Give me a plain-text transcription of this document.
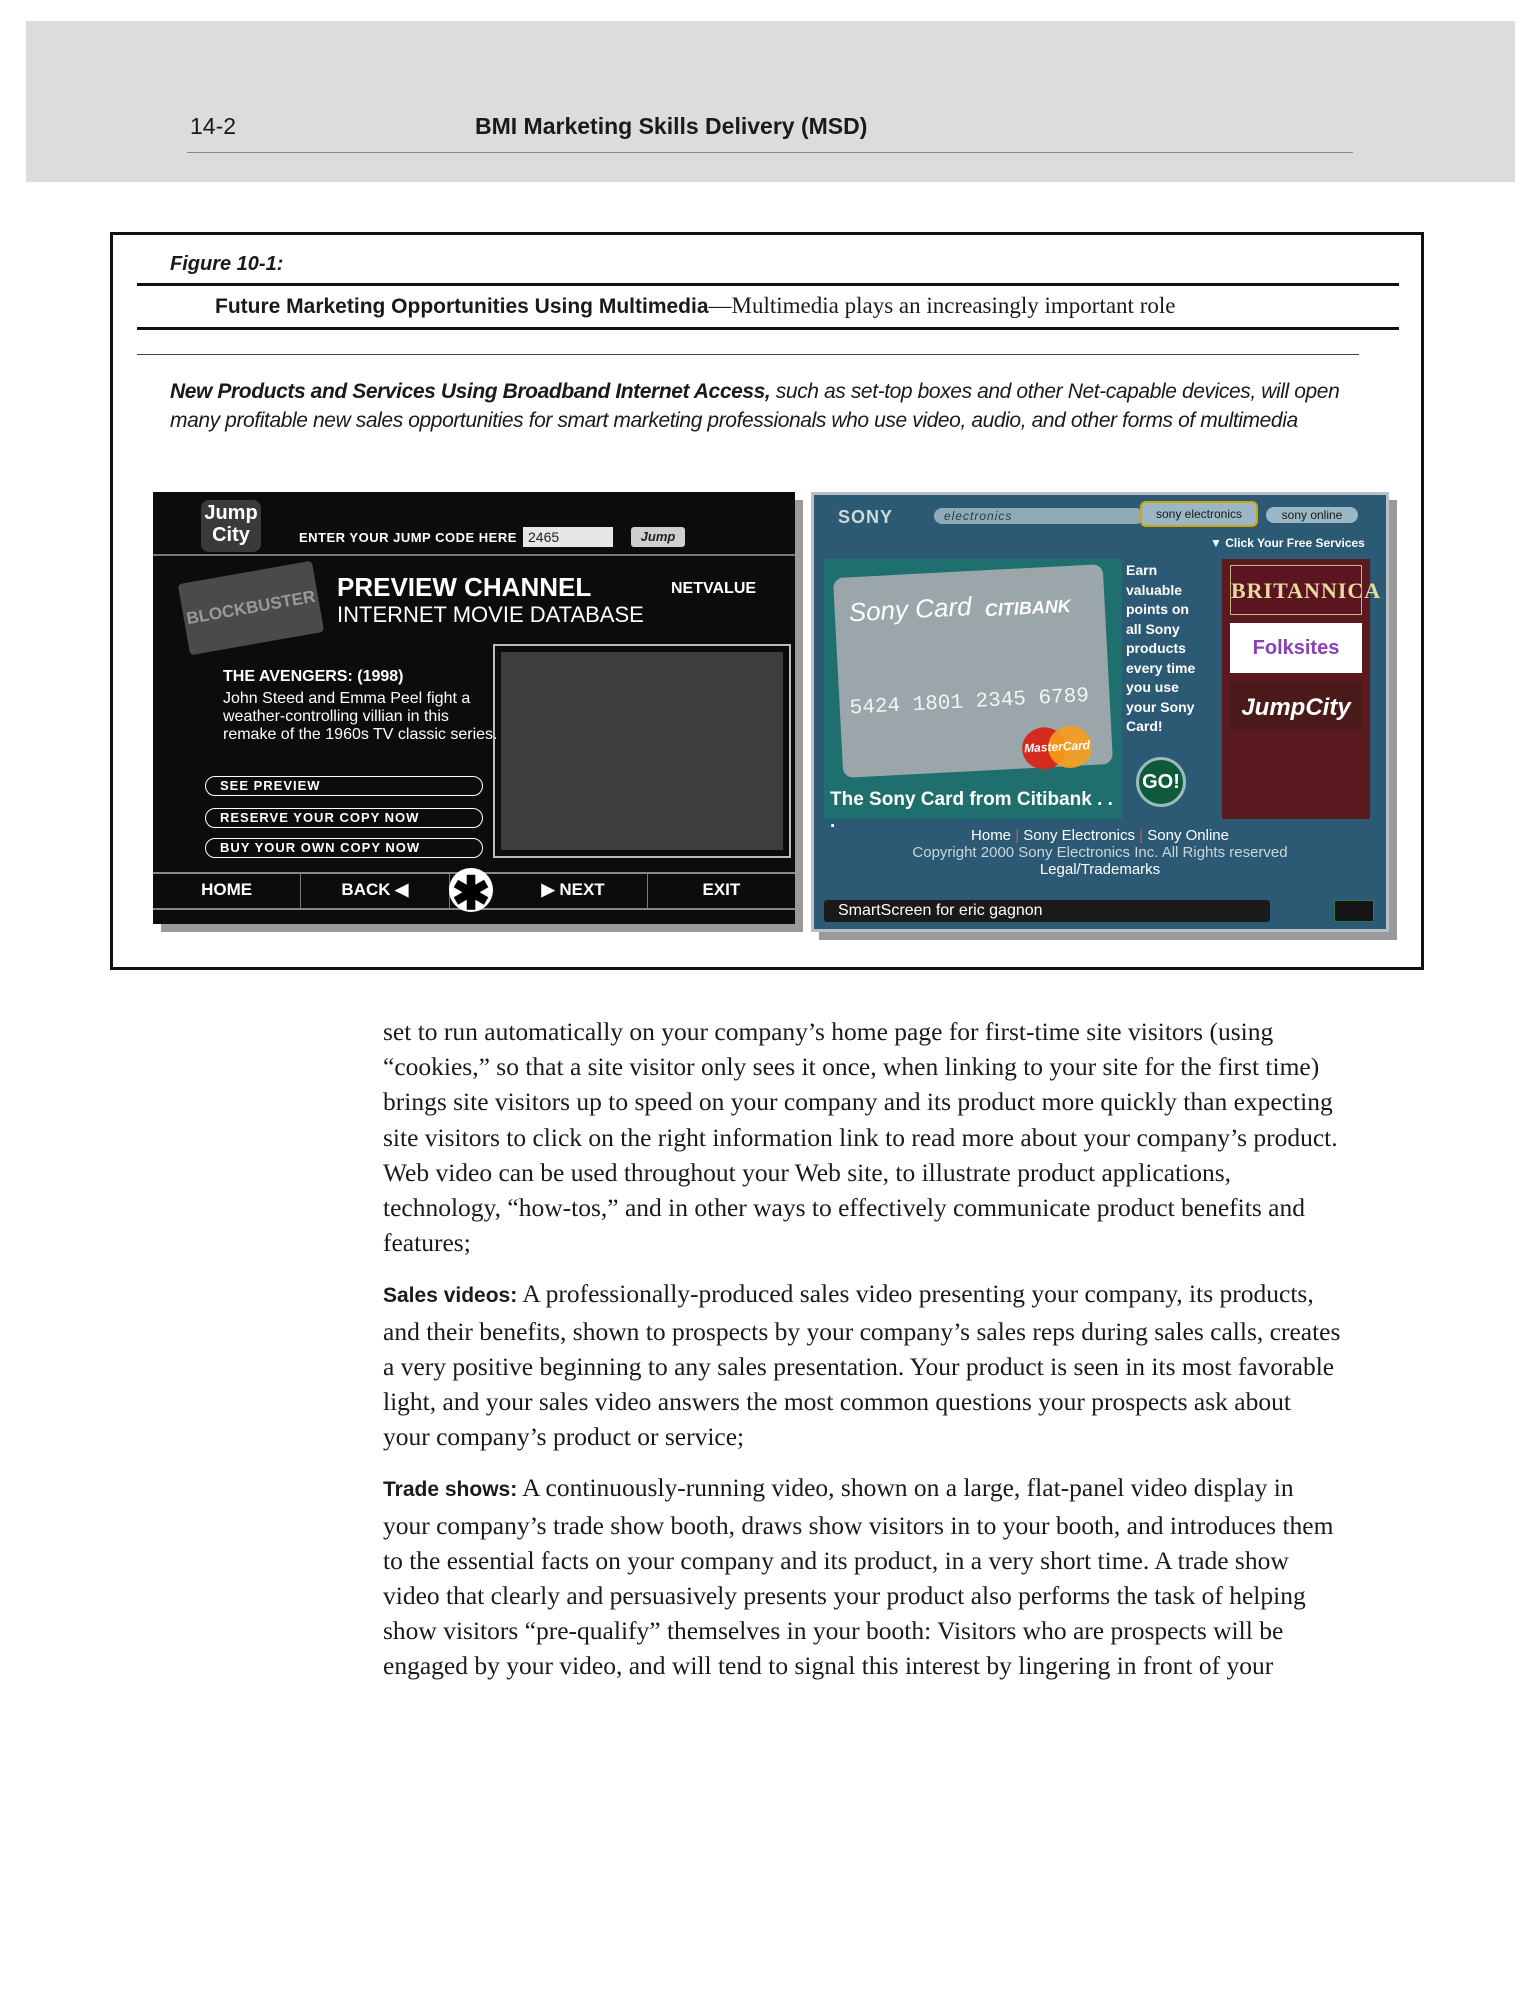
14-2	BMI Marketing Skills Delivery (MSD)
Figure 10-1:
Future Marketing Opportunities Using Multimedia—Multimedia plays an increasingly important role
New Products and Services Using Broadband Internet Access, such as set-top boxes and other Net-capable devices, will open many profitable new sales opportunities for smart marketing professionals who use video, audio, and other forms of multimedia
Jump City	ENTER YOUR JUMP CODE HERE 2465	Jump
BLOCKBUSTER PREVIEW CHANNEL
INTERNET MOVIE DATABASE
NETVALUE
THE AVENGERS: (1998)
John Steed and Emma Peel fight a weather-controlling villian in this remake of the 1960s TV classic series.
SEE PREVIEW
RESERVE YOUR COPY NOW
BUY YOUR OWN COPY NOW
HOME	BACK ◀	▶ NEXT	EXIT
✱
SONY	electronics	sony electronics	sony online
▼ Click Your Free Services
Sony Card CITIBANK
5424 1801 2345 6789
MasterCard
The Sony Card from Citibank . . .
Earn valuable points on all Sony products every time you use your Sony Card!
GO!
BRITANNICA
Folksites
JumpCity
Home | Sony Electronics | Sony Online
Copyright 2000 Sony Electronics Inc. All Rights reserved
Legal/Trademarks
SmartScreen for eric gagnon

set to run automatically on your company’s home page for first-time site visitors (using “cookies,” so that a site visitor only sees it once, when linking to your site for the first time) brings site visitors up to speed on your company and its product more quickly than expecting site visitors to click on the right information link to read more about your company’s product. Web video can be used throughout your Web site, to illustrate product applications, technology, “how-tos,” and in other ways to effectively communicate product benefits and features;

Sales videos: A professionally-produced sales video presenting your company, its products, and their benefits, shown to prospects by your company’s sales reps during sales calls, creates a very positive beginning to any sales presentation. Your product is seen in its most favorable light, and your sales video answers the most common questions your prospects ask about your company’s product or service;

Trade shows: A continuously-running video, shown on a large, flat-panel video display in your company’s trade show booth, draws show visitors in to your booth, and introduces them to the essential facts on your company and its product, in a very short time. A trade show video that clearly and persuasively presents your product also performs the task of helping show visitors “pre-qualify” themselves in your booth: Visitors who are prospects will be engaged by your video, and will tend to signal this interest by lingering in front of your
